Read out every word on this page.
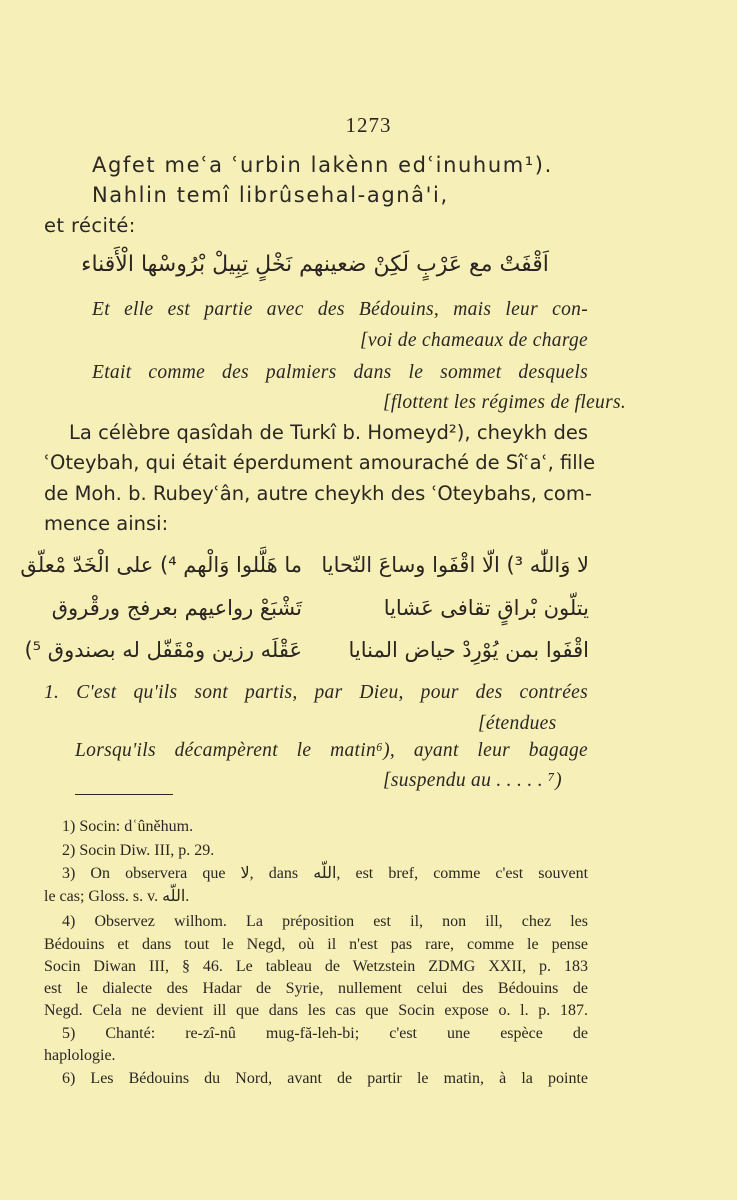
1273
Agfet meʿa ʿurbin lakènn edʿinuhum¹).
Nahlin temî librûsehal-agnâ'i,
et récité:
اَقْفَتْ مع عَرْبٍ لَكِنْ ضعينهم نَخْلٍ تِبِيلْ بْرُوسْها الْأَقناء
Et elle est partie avec des Bédouins, mais leur con-
[voi de chameaux de charge
Etait comme des palmiers dans le sommet desquels
[flottent les régimes de fleurs.
La célèbre qasîdah de Turkî b. Homeyd²), cheykh des
ʿOteybah, qui était éperdument amouraché de Sîʿaʿ, fille
de Moh. b. Rubeyʿân, autre cheykh des ʿOteybahs, com-
mence ainsi:
لا وَاللّٰه ³) الّا اقْفَوا وساعَ النّحايا
ما هَلَّلوا وَالْهم ⁴) على الْخَدّ مْعلّق
يتلّون بْراقٍ تقافى عَشايا
تَشْبَعْ رواعيهم بعرفج ورقْروق
اقْفَوا بمن يُوْرِدْ حياض المنايا
عَقْلَه رزين ومْقَفّل له بصندوق ⁵)
1. C'est qu'ils sont partis, par Dieu, pour des contrées
[étendues
Lorsqu'ils décampèrent le matin⁶), ayant leur bagage
[suspendu au . . . . . ⁷)
1) Socin: dʿûněhum.
2) Socin Diw. III, p. 29.
3) On observera que لا, dans اللّه, est bref, comme c'est souvent
le cas; Gloss. s. v. اللّه.
4) Observez wilhom. La préposition est il, non ill, chez les
Bédouins et dans tout le Negd, où il n'est pas rare, comme le pense
Socin Diwan III, § 46. Le tableau de Wetzstein ZDMG XXII, p. 183
est le dialecte des Hadar de Syrie, nullement celui des Bédouins de
Negd. Cela ne devient ill que dans les cas que Socin expose o. l. p. 187.
5) Chanté: re-zî-nû mug-fă-leh-bi; c'est une espèce de
haplologie.
6) Les Bédouins du Nord, avant de partir le matin, à la pointe
